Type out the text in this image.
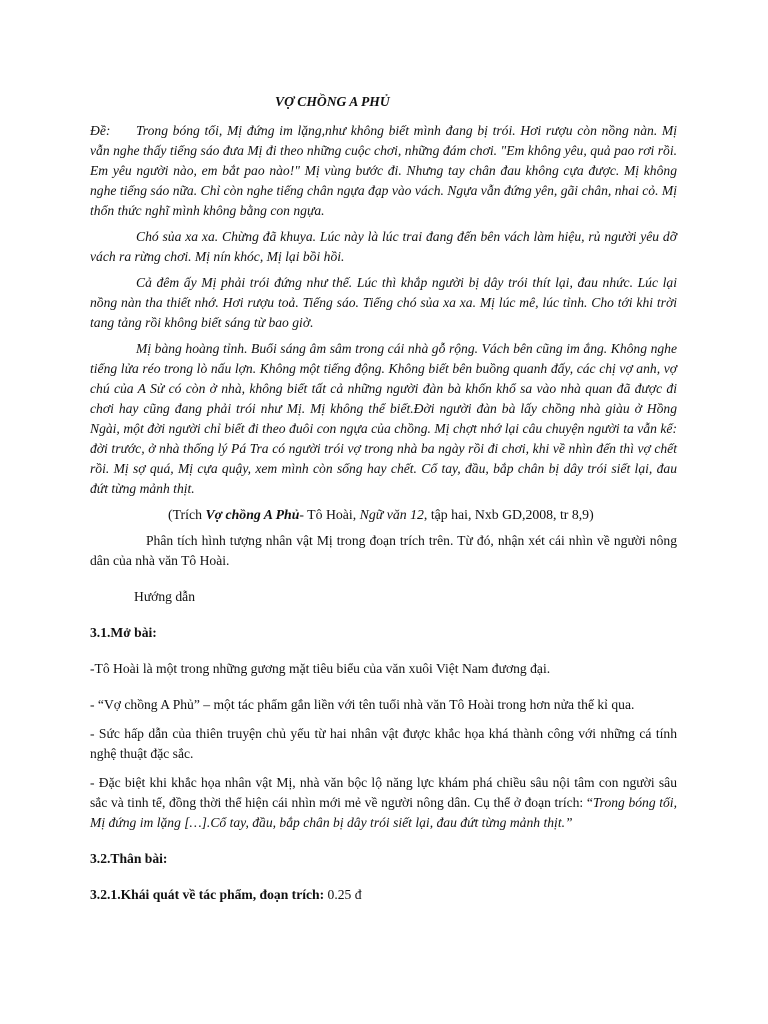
VỢ CHỒNG A PHỦ

Đề: Trong bóng tối, Mị đứng im lặng,như không biết mình đang bị trói. Hơi rượu còn nồng nàn. Mị vẫn nghe thấy tiếng sáo đưa Mị đi theo những cuộc chơi, những đám chơi. "Em không yêu, quả pao rơi rồi. Em yêu người nào, em bắt pao nào!" Mị vùng bước đi. Nhưng tay chân đau không cựa được. Mị không nghe tiếng sáo nữa. Chỉ còn nghe tiếng chân ngựa đạp vào vách. Ngựa vẫn đứng yên, gãi chân, nhai cỏ. Mị thổn thức nghĩ mình không bằng con ngựa.

Chó sủa xa xa. Chừng đã khuya. Lúc này là lúc trai đang đến bên vách làm hiệu, rủ người yêu dỡ vách ra rừng chơi. Mị nín khóc, Mị lại bồi hồi.

Cả đêm ấy Mị phải trói đứng như thế. Lúc thì khắp người bị dây trói thít lại, đau nhức. Lúc lại nồng nàn tha thiết nhớ. Hơi rượu toả. Tiếng sáo. Tiếng chó sủa xa xa. Mị lúc mê, lúc tỉnh. Cho tới khi trời tang tảng rồi không biết sáng từ bao giờ.

Mị bàng hoàng tỉnh. Buổi sáng âm sâm trong cái nhà gỗ rộng. Vách bên cũng im ắng. Không nghe tiếng lửa réo trong lò nấu lợn. Không một tiếng động. Không biết bên buồng quanh đấy, các chị vợ anh, vợ chú của A Sử có còn ở nhà, không biết tất cả những người đàn bà khốn khổ sa vào nhà quan đã được đi chơi hay cũng đang phải trói như Mị. Mị không thể biết.Đời người đàn bà lấy chồng nhà giàu ở Hồng Ngài, một đời người chỉ biết đi theo đuôi con ngựa của chồng. Mị chợt nhớ lại câu chuyện người ta vẫn kể: đời trước, ở nhà thống lý Pá Tra có người trói vợ trong nhà ba ngày rồi đi chơi, khi về nhìn đến thì vợ chết rồi. Mị sợ quá, Mị cựa quậy, xem mình còn sống hay chết. Cổ tay, đầu, bắp chân bị dây trói siết lại, đau đứt từng mảnh thịt.

(Trích Vợ chồng A Phủ- Tô Hoài, Ngữ văn 12, tập hai, Nxb GD,2008, tr 8,9)

Phân tích hình tượng nhân vật Mị trong đoạn trích trên. Từ đó, nhận xét cái nhìn về người nông dân của nhà văn Tô Hoài.

Hướng dẫn

3.1.Mở bài:

-Tô Hoài là một trong những gương mặt tiêu biểu của văn xuôi Việt Nam đương đại.

- “Vợ chồng A Phủ” – một tác phẩm gắn liền với tên tuổi nhà văn Tô Hoài trong hơn nửa thế kỉ qua.

- Sức hấp dẫn của thiên truyện chủ yếu từ hai nhân vật được khắc họa khá thành công với những cá tính nghệ thuật đặc sắc.

- Đặc biệt khi khắc họa nhân vật Mị, nhà văn bộc lộ năng lực khám phá chiều sâu nội tâm con người sâu sắc và tinh tế, đồng thời thể hiện cái nhìn mới mẻ về người nông dân. Cụ thể ở đoạn trích: “Trong bóng tối, Mị đứng im lặng […].Cổ tay, đầu, bắp chân bị dây trói siết lại, đau đứt từng mảnh thịt.”

3.2.Thân bài:

3.2.1.Khái quát về tác phẩm, đoạn trích: 0.25 đ
